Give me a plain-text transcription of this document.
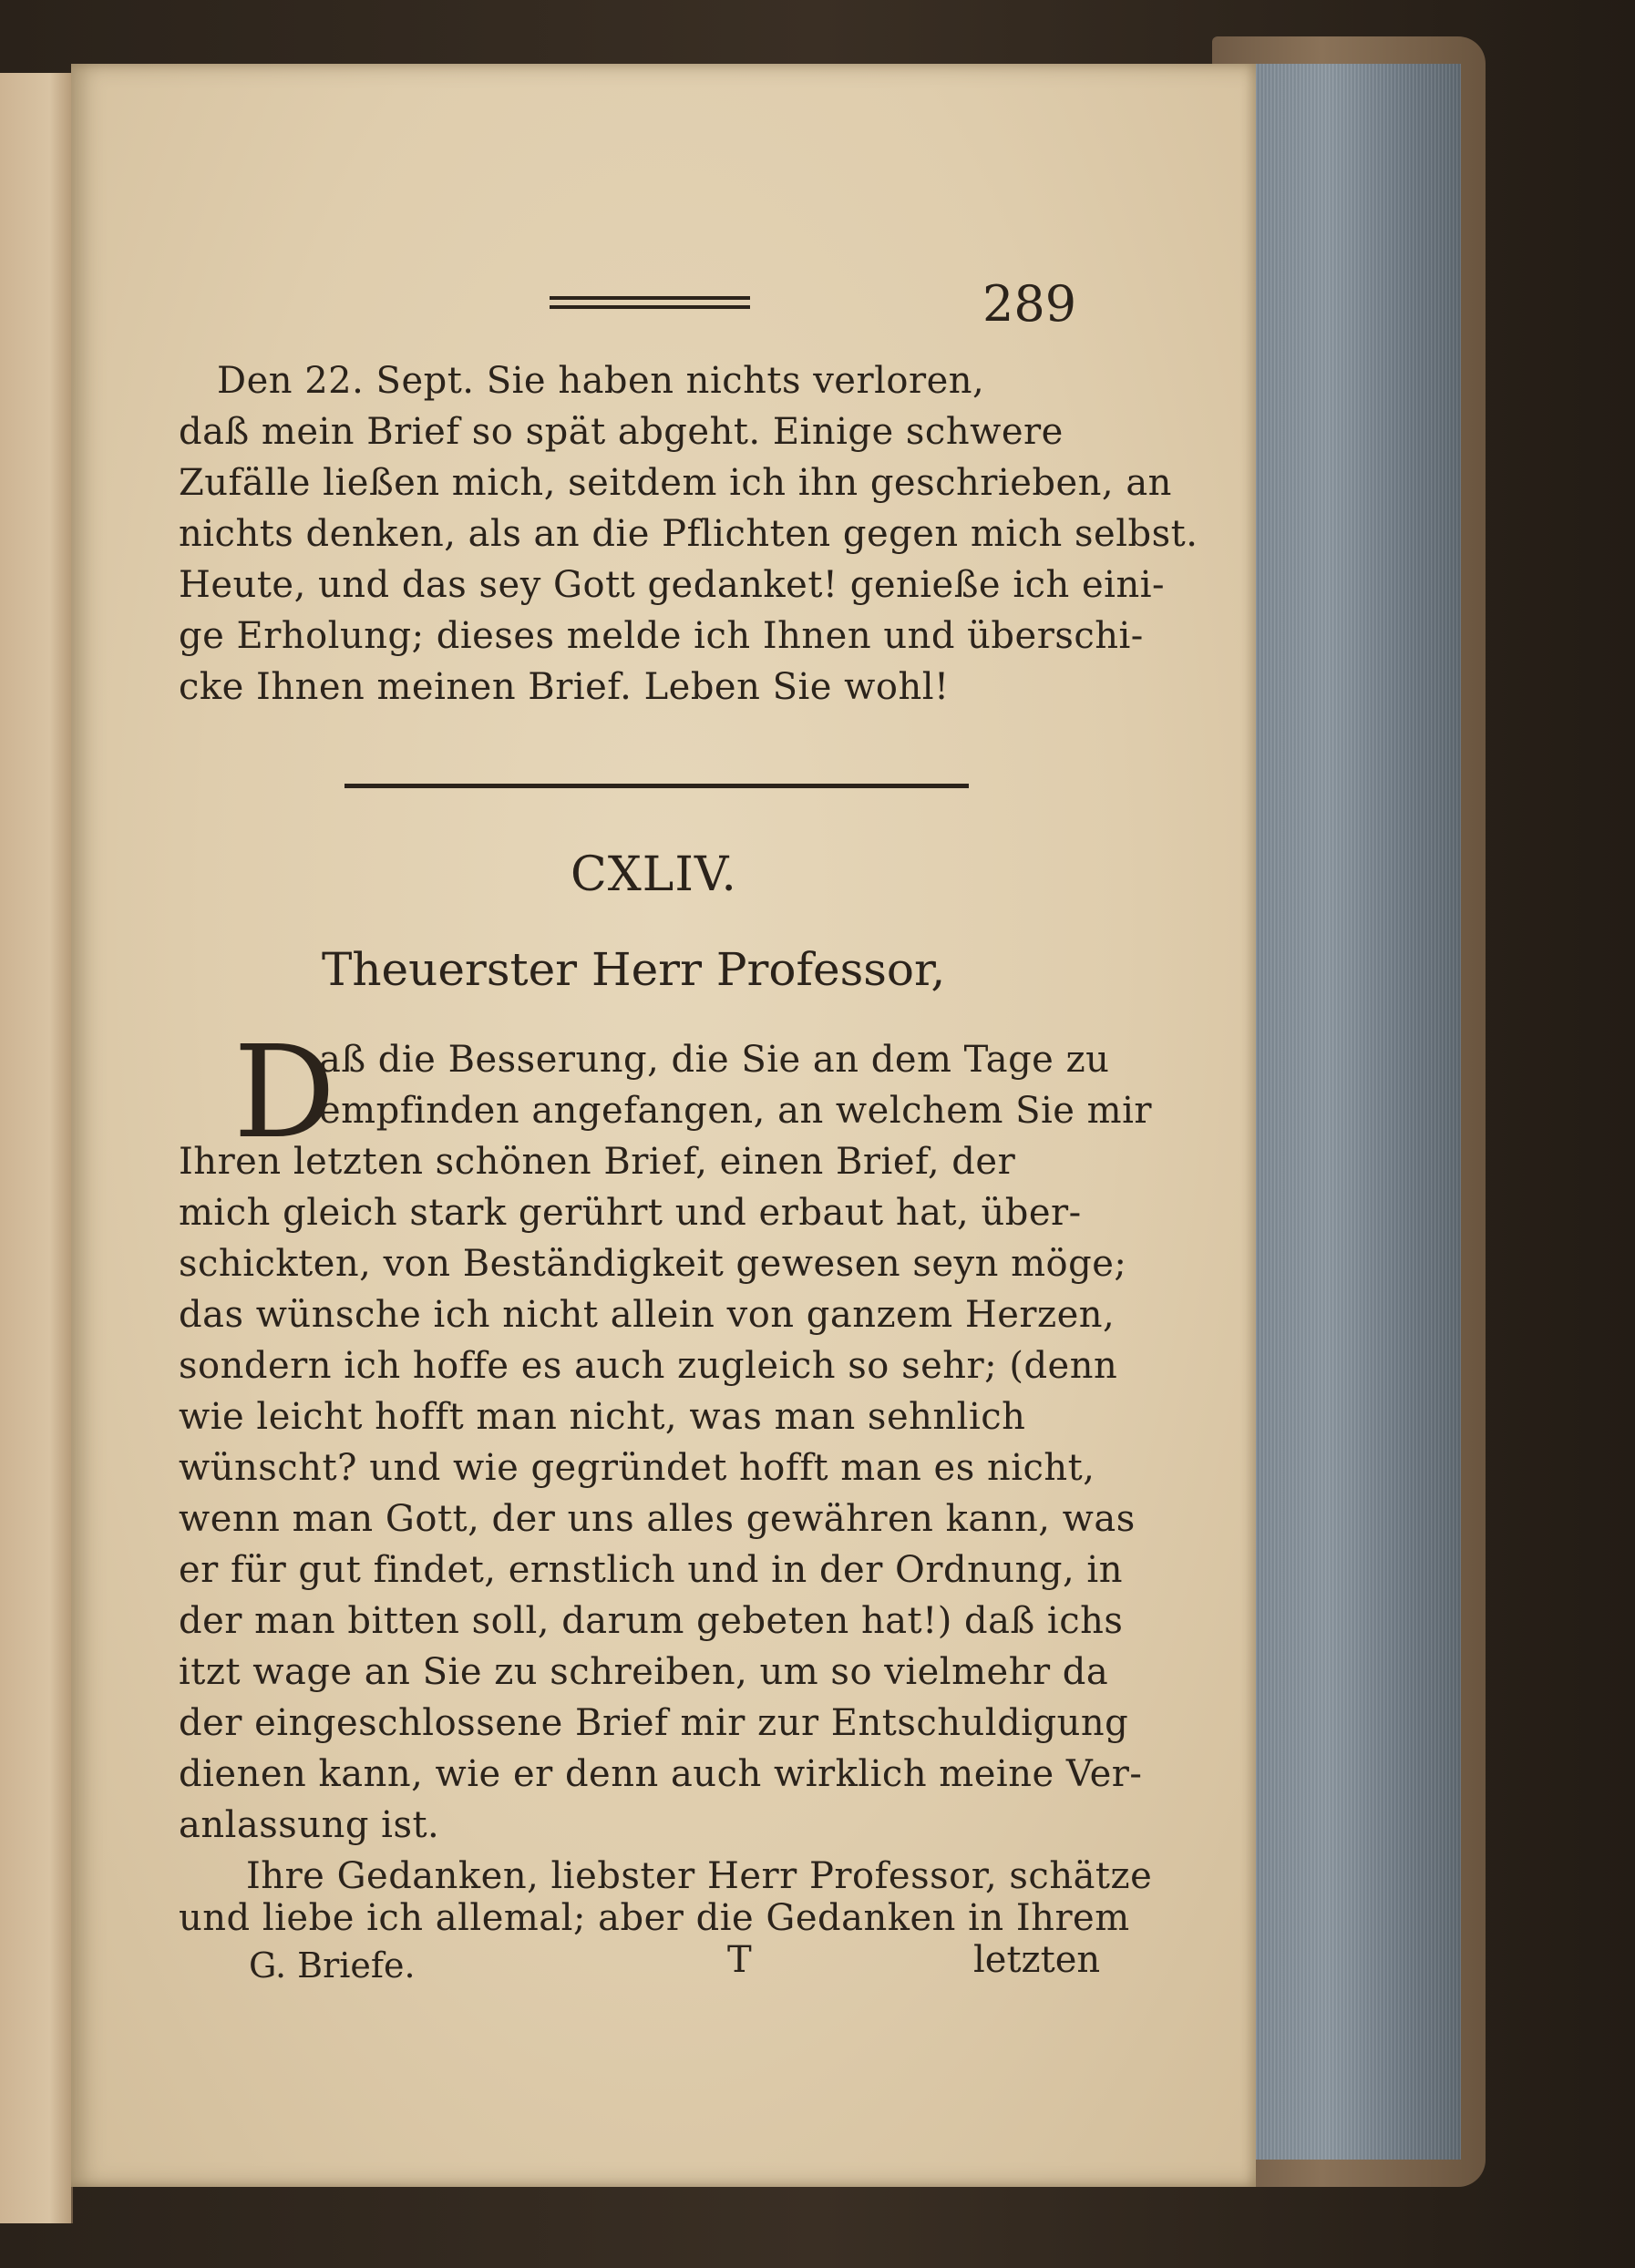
289
Den 22. Sept. Sie haben nichts verloren,
daß mein Brief so spät abgeht. Einige schwere
Zufälle ließen mich, seitdem ich ihn geschrieben, an
nichts denken, als an die Pflichten gegen mich selbst.
Heute, und das sey Gott gedanket! genieße ich eini-
ge Erholung; dieses melde ich Ihnen und überschi-
cke Ihnen meinen Brief. Leben Sie wohl!
CXLIV.
Theuerster Herr Professor,
D
aß die Besserung, die Sie an dem Tage zu
empfinden angefangen, an welchem Sie mir
Ihren letzten schönen Brief, einen Brief, der
mich gleich stark gerührt und erbaut hat, über-
schickten, von Beständigkeit gewesen seyn möge;
das wünsche ich nicht allein von ganzem Herzen,
sondern ich hoffe es auch zugleich so sehr; (denn
wie leicht hofft man nicht, was man sehnlich
wünscht? und wie gegründet hofft man es nicht,
wenn man Gott, der uns alles gewähren kann, was
er für gut findet, ernstlich und in der Ordnung, in
der man bitten soll, darum gebeten hat!) daß ichs
itzt wage an Sie zu schreiben, um so vielmehr da
der eingeschlossene Brief mir zur Entschuldigung
dienen kann, wie er denn auch wirklich meine Ver-
anlassung ist.
Ihre Gedanken, liebster Herr Professor, schätze
und liebe ich allemal; aber die Gedanken in Ihrem
G. Briefe.	T	letzten
